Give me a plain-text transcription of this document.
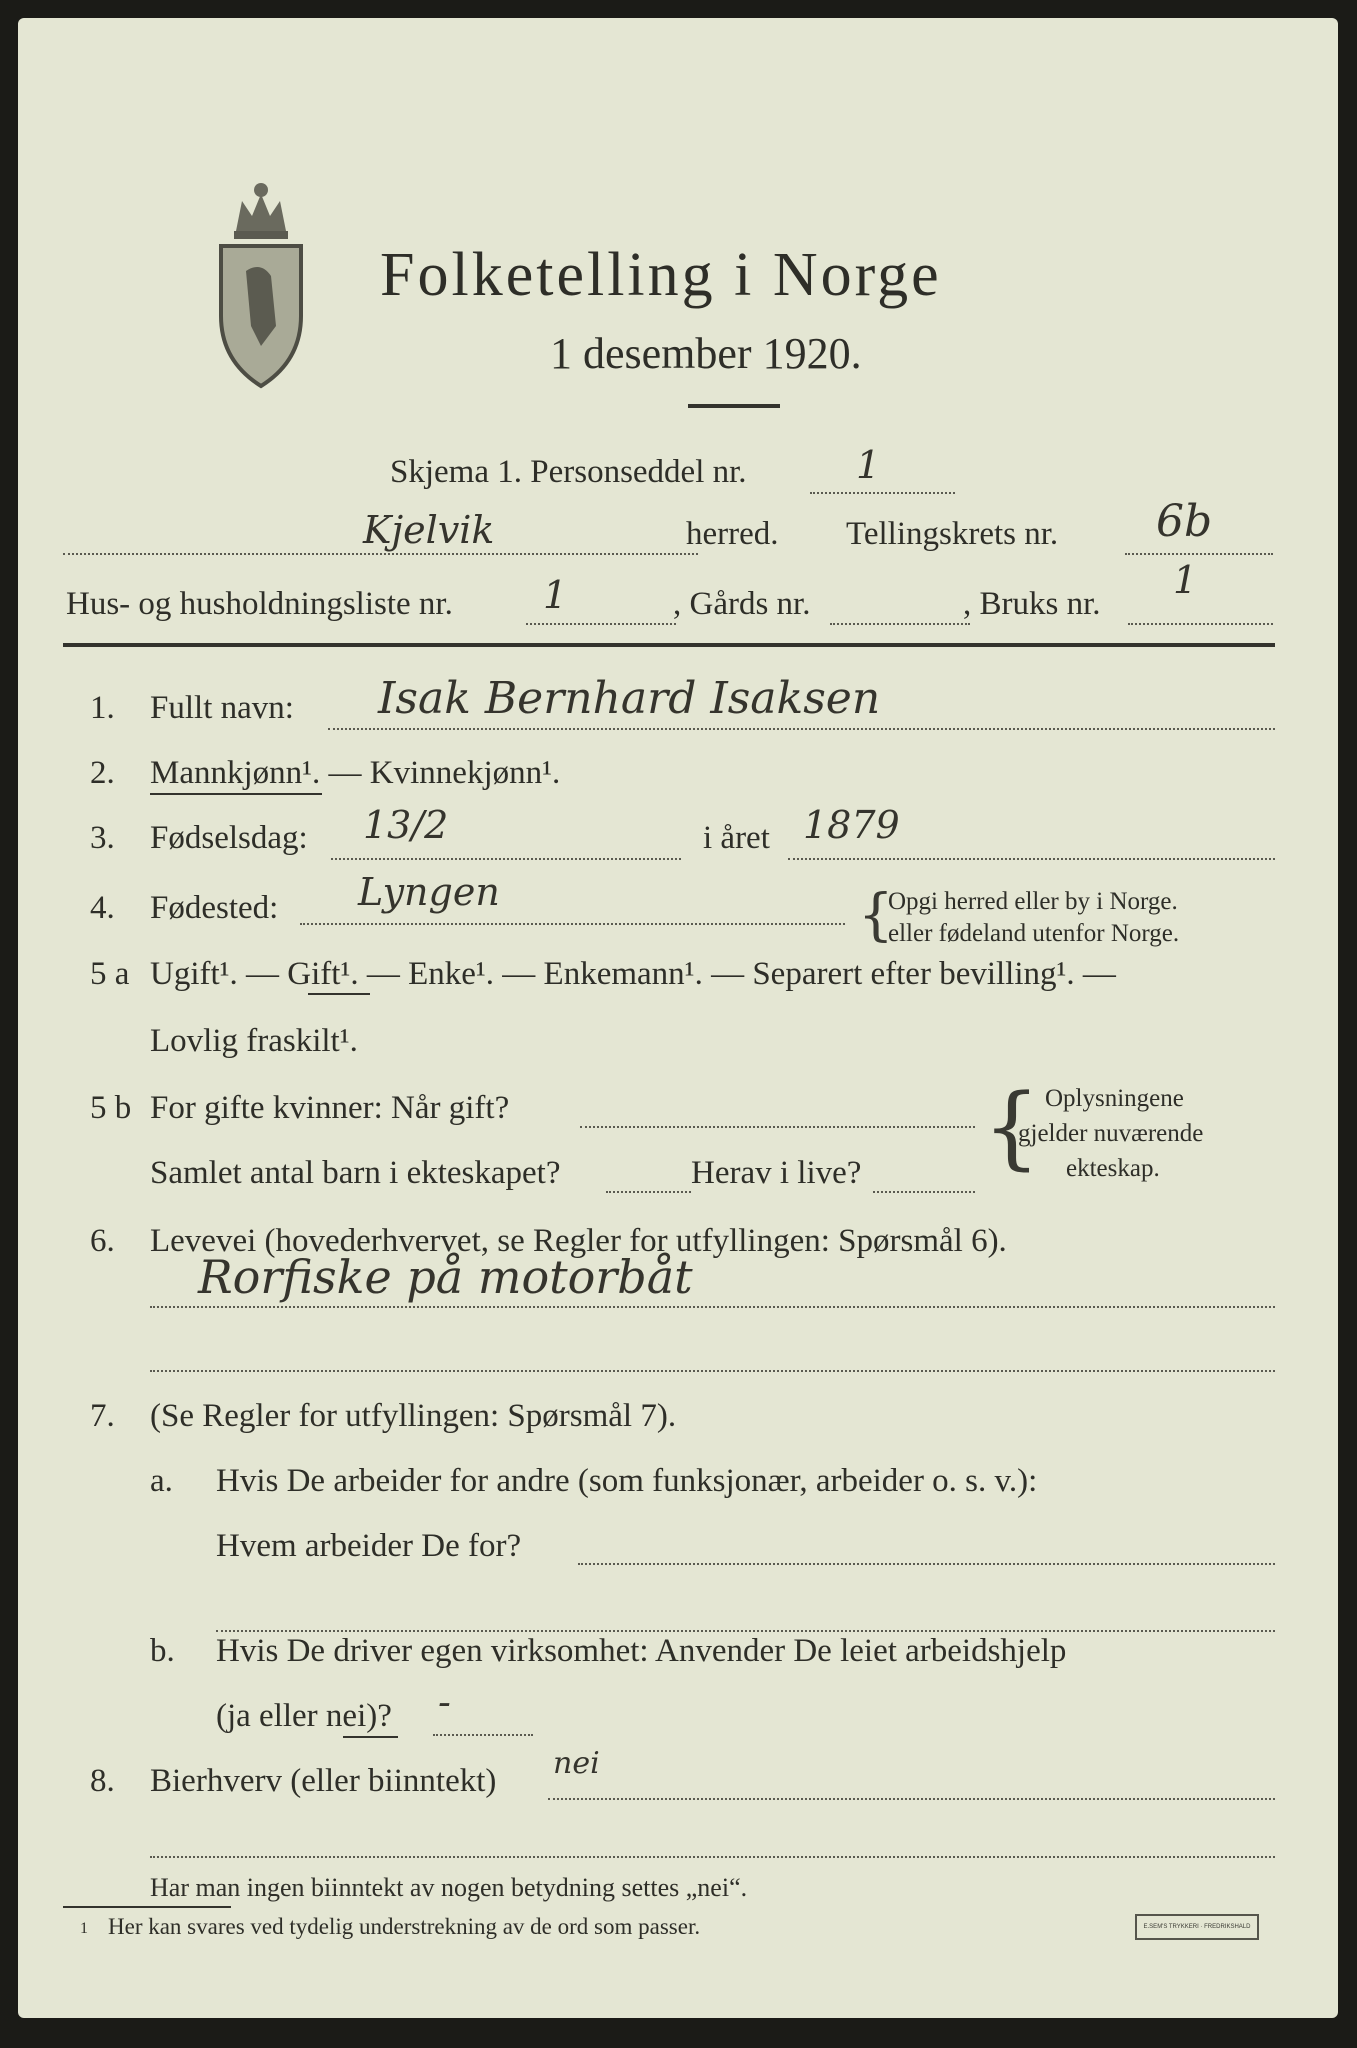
Folketelling i Norge
1 desember 1920.
Skjema 1. Personseddel nr.	1
Kjelvik	herred. Tellingskrets nr. 6b
Hus- og husholdningsliste nr. 1	, Gårds nr.	, Bruks nr.
1
1. Fullt navn: Isak Bernhard Isaksen
2. Mannkjønn¹. — Kvinnekjønn¹.
3. Fødselsdag: 13/2	i året 1879
4. Fødested: Lyngen	{
Opgi herred eller by i Norge.
eller fødeland utenfor Norge.
5 a Ugift¹. — Gift¹. — Enke¹. — Enkemann¹. — Separert efter bevilling¹. —
Lovlig fraskilt¹.
5 b For gifte kvinner: Når gift?
Samlet antal barn i ekteskapet?	Herav i live? { Oplysningene
gjelder nuværende
ekteskap.
6. Levevei (hovederhvervet, se Regler for utfyllingen: Spørsmål 6).
Rorfiske på motorbåt
7. (Se Regler for utfyllingen: Spørsmål 7).
a. Hvis De arbeider for andre (som funksjonær, arbeider o. s. v.):
Hvem arbeider De for?
b. Hvis De driver egen virksomhet: Anvender De leiet arbeidshjelp
(ja eller nei)? -
8. Bierhverv (eller biinntekt) nei
Har man ingen biinntekt av nogen betydning settes „nei“.
1 Her kan svares ved tydelig understrekning av de ord som passer.	E.SEM'S TRYKKERI · FREDRIKSHALD
